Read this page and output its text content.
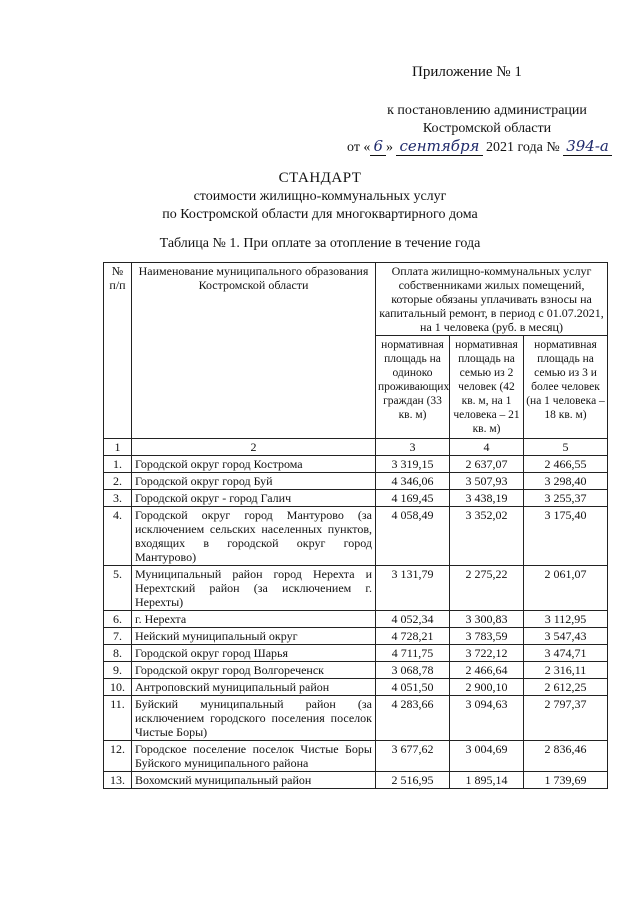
Приложение № 1
к постановлению администрации
Костромской области
от « 6 » сентября 2021 года № 394-а
СТАНДАРТ
стоимости жилищно-коммунальных услуг
по Костромской области для многоквартирного дома
Таблица № 1. При оплате за отопление в течение года
№ п/п	Наименование муниципального образования Костромской области	Оплата жилищно-коммунальных услуг собственниками жилых помещений, которые обязаны уплачивать взносы на капитальный ремонт, в период с 01.07.2021, на 1 человека (руб. в месяц)		
		нормативная площадь на одиноко проживающих граждан (33 кв. м)	нормативная площадь на семью из 2 человек (42 кв. м, на 1 человека – 21 кв. м)	нормативная площадь на семью из 3 и более человек (на 1 человека – 18 кв. м)
1	2	3	4	5
1.	Городской округ город Кострома	3 319,15	2 637,07	2 466,55
2.	Городской округ город Буй	4 346,06	3 507,93	3 298,40
3.	Городской округ - город Галич	4 169,45	3 438,19	3 255,37
4.	Городской округ город Мантурово (за исключением сельских населенных пунктов, входящих в городской округ город Мантурово)	4 058,49	3 352,02	3 175,40
5.	Муниципальный район город Нерехта и Нерехтский район (за исключением г. Нерехты)	3 131,79	2 275,22	2 061,07
6.	г. Нерехта	4 052,34	3 300,83	3 112,95
7.	Нейский муниципальный округ	4 728,21	3 783,59	3 547,43
8.	Городской округ город Шарья	4 711,75	3 722,12	3 474,71
9.	Городской округ город Волгореченск	3 068,78	2 466,64	2 316,11
10.	Антроповский муниципальный район	4 051,50	2 900,10	2 612,25
11.	Буйский муниципальный район (за исключением городского поселения поселок Чистые Боры)	4 283,66	3 094,63	2 797,37
12.	Городское поселение поселок Чистые Боры Буйского муниципального района	3 677,62	3 004,69	2 836,46
13.	Вохомский муниципальный район	2 516,95	1 895,14	1 739,69
